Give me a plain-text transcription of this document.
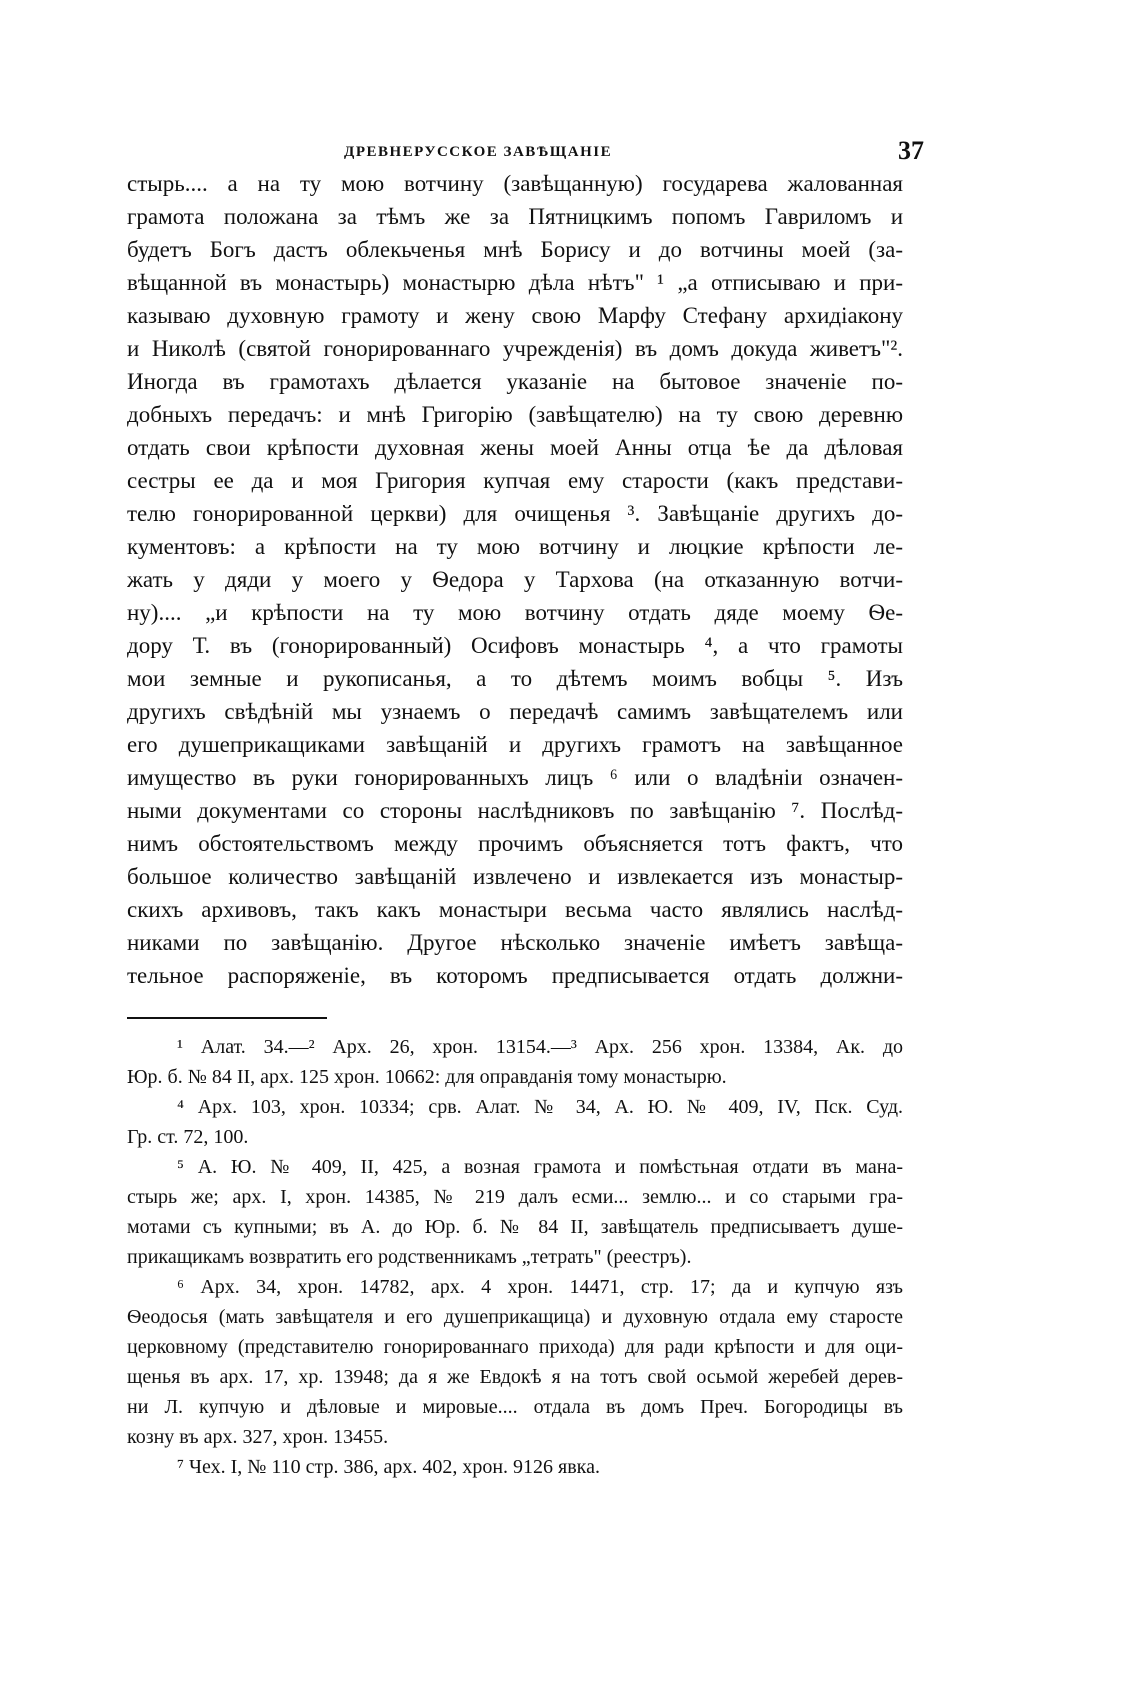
ДРЕВНЕРУССКОЕ ЗАВѢЩАНІЕ	37
стырь.... а на ту мою вотчину (завѣщанную) государева жалованная
грамота положана за тѣмъ же за Пятницкимъ попомъ Гавриломъ и
будетъ Богъ дастъ облекьченья мнѣ Борису и до вотчины моей (за-
вѣщанной въ монастырь) монастырю дѣла нѣтъ" ¹ „а отписываю и при-
казываю духовную грамоту и жену свою Марфу Стефану архидіакону
и Николѣ (святой гонорированнаго учрежденія) въ домъ докуда живетъ"².
Иногда въ грамотахъ дѣлается указаніе на бытовое значеніе по-
добныхъ передачъ: и мнѣ Григорію (завѣщателю) на ту свою деревню
отдать свои крѣпости духовная жены моей Анны отца ѣе да дѣловая
сестры ее да и моя Григория купчая ему старости (какъ представи-
телю гонорированной церкви) для очищенья ³. Завѣщаніе другихъ до-
кументовъ: а крѣпости на ту мою вотчину и люцкие крѣпости ле-
жать у дяди у моего у Ѳедора у Тархова (на отказанную вотчи-
ну).... „и крѣпости на ту мою вотчину отдать дяде моему Ѳе-
дору Т. въ (гонорированный) Осифовъ монастырь ⁴, а что грамоты
мои земные и рукописанья, а то дѣтемъ моимъ вобцы ⁵. Изъ
другихъ свѣдѣній мы узнаемъ о передачѣ самимъ завѣщателемъ или
его душеприкащиками завѣщаній и другихъ грамотъ на завѣщанное
имущество въ руки гонорированныхъ лицъ ⁶ или о владѣніи означен-
ными документами со стороны наслѣдниковъ по завѣщанію ⁷. Послѣд-
нимъ обстоятельствомъ между прочимъ объясняется тотъ фактъ, что
большое количество завѣщаній извлечено и извлекается изъ монастыр-
скихъ архивовъ, такъ какъ монастыри весьма часто являлись наслѣд-
никами по завѣщанію. Другое нѣсколько значеніе имѣетъ завѣща-
тельное распоряженіе, въ которомъ предписывается отдать должни-
¹ Алат. 34.—² Арх. 26, хрон. 13154.—³ Арх. 256 хрон. 13384, Ак. до
Юр. б. № 84 II, арх. 125 хрон. 10662: для оправданія тому монастырю.
⁴ Арх. 103, хрон. 10334; срв. Алат. № 34, А. Ю. № 409, IV, Пск. Суд.
Гр. ст. 72, 100.
⁵ А. Ю. № 409, II, 425, а возная грамота и помѣстьная отдати въ мана-
стырь же; арх. I, хрон. 14385, № 219 далъ есми... землю... и со старыми гра-
мотами съ купными; въ А. до Юр. б. № 84 II, завѣщатель предписываетъ душе-
прикащикамъ возвратить его родственникамъ „тетрать" (реестръ).
⁶ Арх. 34, хрон. 14782, арх. 4 хрон. 14471, стр. 17; да и купчую язъ
Ѳеодосья (мать завѣщателя и его душеприкащица) и духовную отдала ему старосте
церковному (представителю гонорированнаго прихода) для ради крѣпости и для оци-
щенья въ арх. 17, хр. 13948; да я же Евдокѣ я на тотъ свой осьмой жеребей дерев-
ни Л. купчую и дѣловые и мировые.... отдала въ домъ Преч. Богородицы въ
козну въ арх. 327, хрон. 13455.
⁷ Чех. I, № 110 стр. 386, арх. 402, хрон. 9126 явка.
